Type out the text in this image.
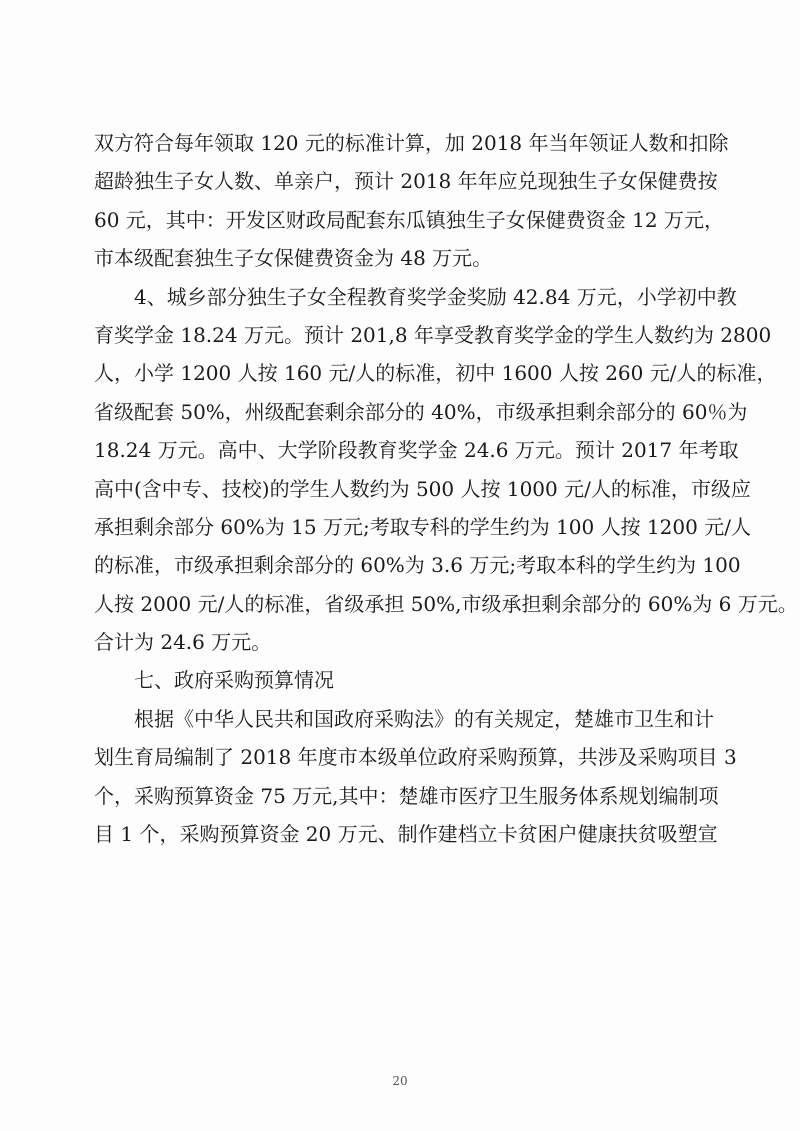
双方符合每年领取 120 元的标准计算，加 2018 年当年领证人数和扣除
超龄独生子女人数、单亲户，预计 2018 年年应兑现独生子女保健费按
60 元，其中：开发区财政局配套东瓜镇独生子女保健费资金 12 万元，
市本级配套独生子女保健费资金为 48 万元。
4、城乡部分独生子女全程教育奖学金奖励 42.84 万元，小学初中教
育奖学金 18.24 万元。预计 201,8 年享受教育奖学金的学生人数约为 2800
人，小学 1200 人按 160 元/人的标准，初中 1600 人按 260 元/人的标准，
省级配套 50%，州级配套剩余部分的 40%，市级承担剩余部分的 60％为
18.24 万元。高中、大学阶段教育奖学金 24.6 万元。预计 2017 年考取
高中(含中专、技校)的学生人数约为 500 人按 1000 元/人的标准，市级应
承担剩余部分 60%为 15 万元;考取专科的学生约为 100 人按 1200 元/人
的标准，市级承担剩余部分的 60%为 3.6 万元;考取本科的学生约为 100
人按 2000 元/人的标准，省级承担 50%,市级承担剩余部分的 60%为 6 万元。
合计为 24.6 万元。
七、政府采购预算情况
根据《中华人民共和国政府采购法》的有关规定，楚雄市卫生和计
划生育局编制了 2018 年度市本级单位政府采购预算，共涉及采购项目 3
个，采购预算资金 75 万元,其中：楚雄市医疗卫生服务体系规划编制项
目 1 个，采购预算资金 20 万元、制作建档立卡贫困户健康扶贫吸塑宣
20
